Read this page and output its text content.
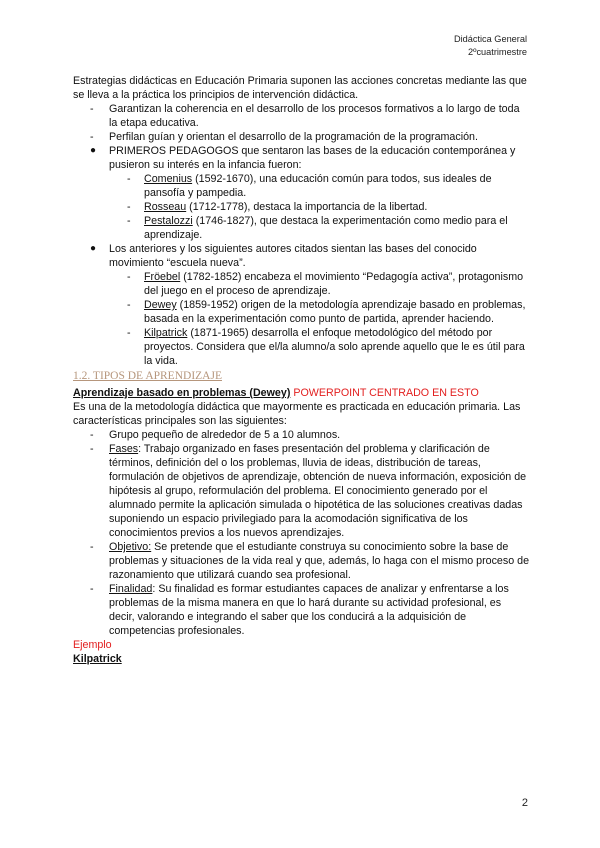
Didáctica General
2ºcuatrimestre

Estrategias didácticas en Educación Primaria suponen las acciones concretas mediante las que se lleva a la práctica los principios de intervención didáctica.

- Garantizan la coherencia en el desarrollo de los procesos formativos a lo largo de toda la etapa educativa.
- Perfilan guían y orientan el desarrollo de la programación de la programación.
● PRIMEROS PEDAGOGOS que sentaron las bases de la educación contemporánea y pusieron su interés en la infancia fueron:
- Comenius (1592-1670), una educación común para todos, sus ideales de pansofía y pampedia.
- Rosseau (1712-1778), destaca la importancia de la libertad.
- Pestalozzi (1746-1827), que destaca la experimentación como medio para el aprendizaje.
● Los anteriores y los siguientes autores citados sientan las bases del conocido movimiento “escuela nueva”.
- Fröebel (1782-1852) encabeza el movimiento “Pedagogía activa”, protagonismo del juego en el proceso de aprendizaje.
- Dewey (1859-1952) origen de la metodología aprendizaje basado en problemas, basada en la experimentación como punto de partida, aprender haciendo.
- Kilpatrick (1871-1965) desarrolla el enfoque metodológico del método por proyectos. Considera que el/la alumno/a solo aprende aquello que le es útil para la vida.
1.2. TIPOS DE APRENDIZAJE

Aprendizaje basado en problemas (Dewey) POWERPOINT CENTRADO EN ESTO

Es una de la metodología didáctica que mayormente es practicada en educación primaria. Las características principales son las siguientes:

- Grupo pequeño de alrededor de 5 a 10 alumnos.
- Fases: Trabajo organizado en fases presentación del problema y clarificación de términos, definición del o los problemas, lluvia de ideas, distribución de tareas, formulación de objetivos de aprendizaje, obtención de nueva información, exposición de hipótesis al grupo, reformulación del problema. El conocimiento generado por el alumnado permite la aplicación simulada o hipotética de las soluciones creativas dadas suponiendo un espacio privilegiado para la acomodación significativa de los conocimientos previos a los nuevos aprendizajes.
- Objetivo: Se pretende que el estudiante construya su conocimiento sobre la base de problemas y situaciones de la vida real y que, además, lo haga con el mismo proceso de razonamiento que utilizará cuando sea profesional.
- Finalidad: Su finalidad es formar estudiantes capaces de analizar y enfrentarse a los problemas de la misma manera en que lo hará durante su actividad profesional, es decir, valorando e integrando el saber que los conducirá a la adquisición de competencias profesionales.

Ejemplo

Kilpatrick

2
